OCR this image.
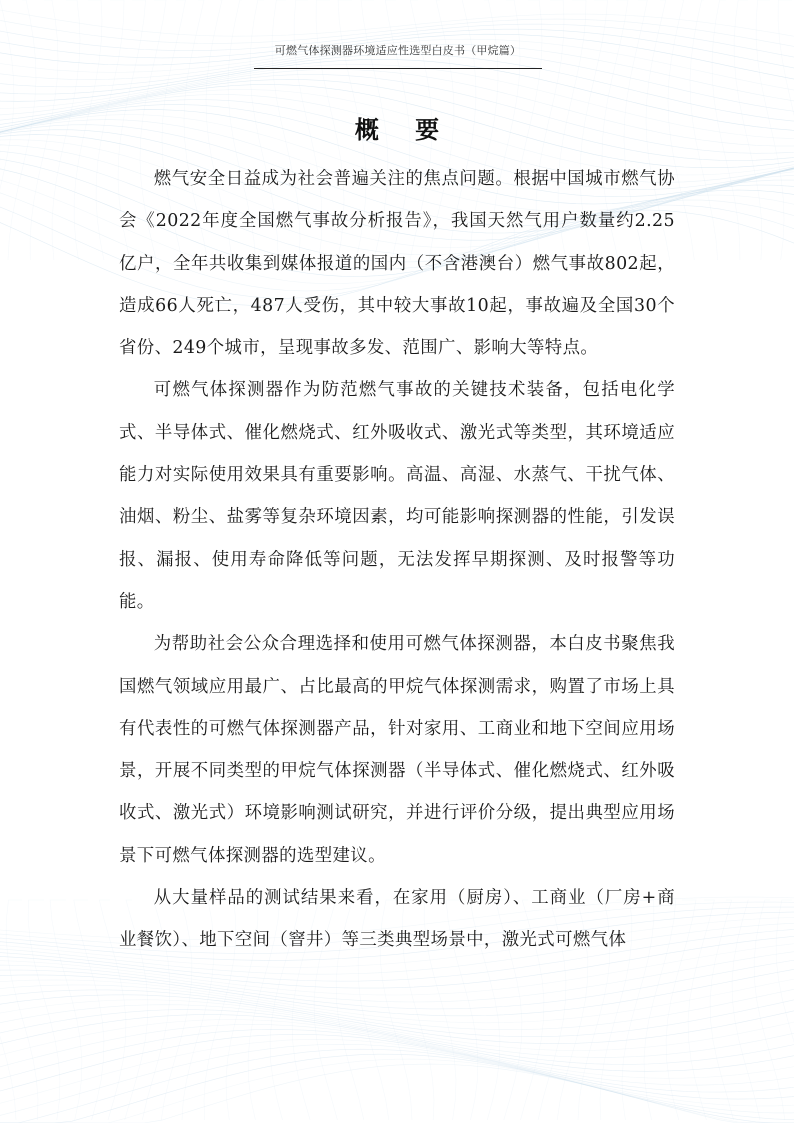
可燃气体探测器环境适应性选型白皮书（甲烷篇）
概 要

燃气安全日益成为社会普遍关注的焦点问题。根据中国城市燃气协会《2022年度全国燃气事故分析报告》，我国天然气用户数量约2.25亿户，全年共收集到媒体报道的国内（不含港澳台）燃气事故802起，造成66人死亡，487人受伤，其中较大事故10起，事故遍及全国30个省份、249个城市，呈现事故多发、范围广、影响大等特点。

可燃气体探测器作为防范燃气事故的关键技术装备，包括电化学式、半导体式、催化燃烧式、红外吸收式、激光式等类型，其环境适应能力对实际使用效果具有重要影响。高温、高湿、水蒸气、干扰气体、油烟、粉尘、盐雾等复杂环境因素，均可能影响探测器的性能，引发误报、漏报、使用寿命降低等问题，无法发挥早期探测、及时报警等功能。

为帮助社会公众合理选择和使用可燃气体探测器，本白皮书聚焦我国燃气领域应用最广、占比最高的甲烷气体探测需求，购置了市场上具有代表性的可燃气体探测器产品，针对家用、工商业和地下空间应用场景，开展不同类型的甲烷气体探测器（半导体式、催化燃烧式、红外吸收式、激光式）环境影响测试研究，并进行评价分级，提出典型应用场景下可燃气体探测器的选型建议。

从大量样品的测试结果来看，在家用（厨房）、工商业（厂房+商业餐饮）、地下空间（窨井）等三类典型场景中，激光式可燃气体
